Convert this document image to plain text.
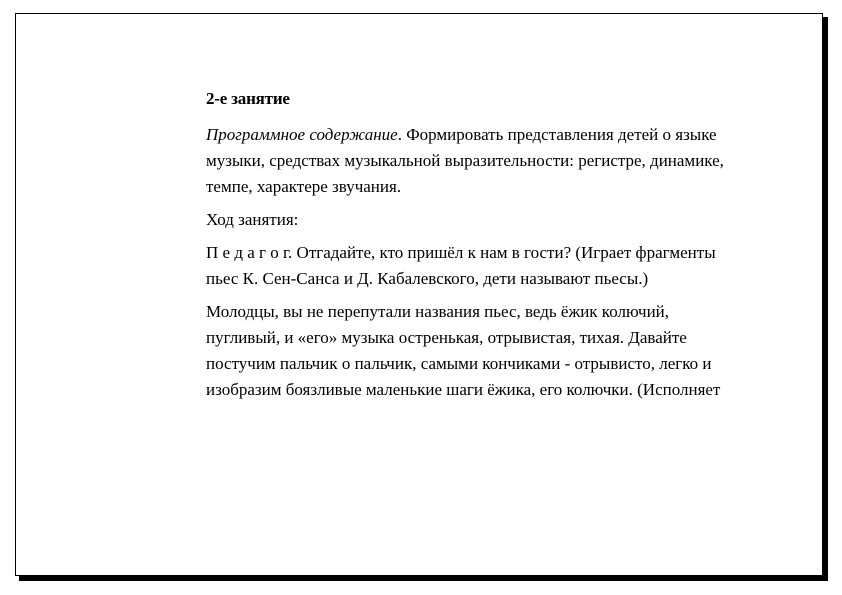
2-е занятие

Программное содержание. Формировать представления детей о языке музыки, средствах музыкальной выразительности: регистре, динамике, темпе, характере звучания.

Ход занятия:

П е д а г о г. Отгадайте, кто пришёл к нам в гости? (Играет фрагменты пьес К. Сен-Санса и Д. Кабалевского, дети называют пьесы.)

Молодцы, вы не перепутали названия пьес, ведь ёжик колючий, пугливый, и «его» музыка остренькая, отрывистая, тихая. Давайте постучим пальчик о пальчик, самыми кончиками - отрывисто, легко и изобразим боязливые маленькие шаги ёжика, его колючки. (Исполняет
